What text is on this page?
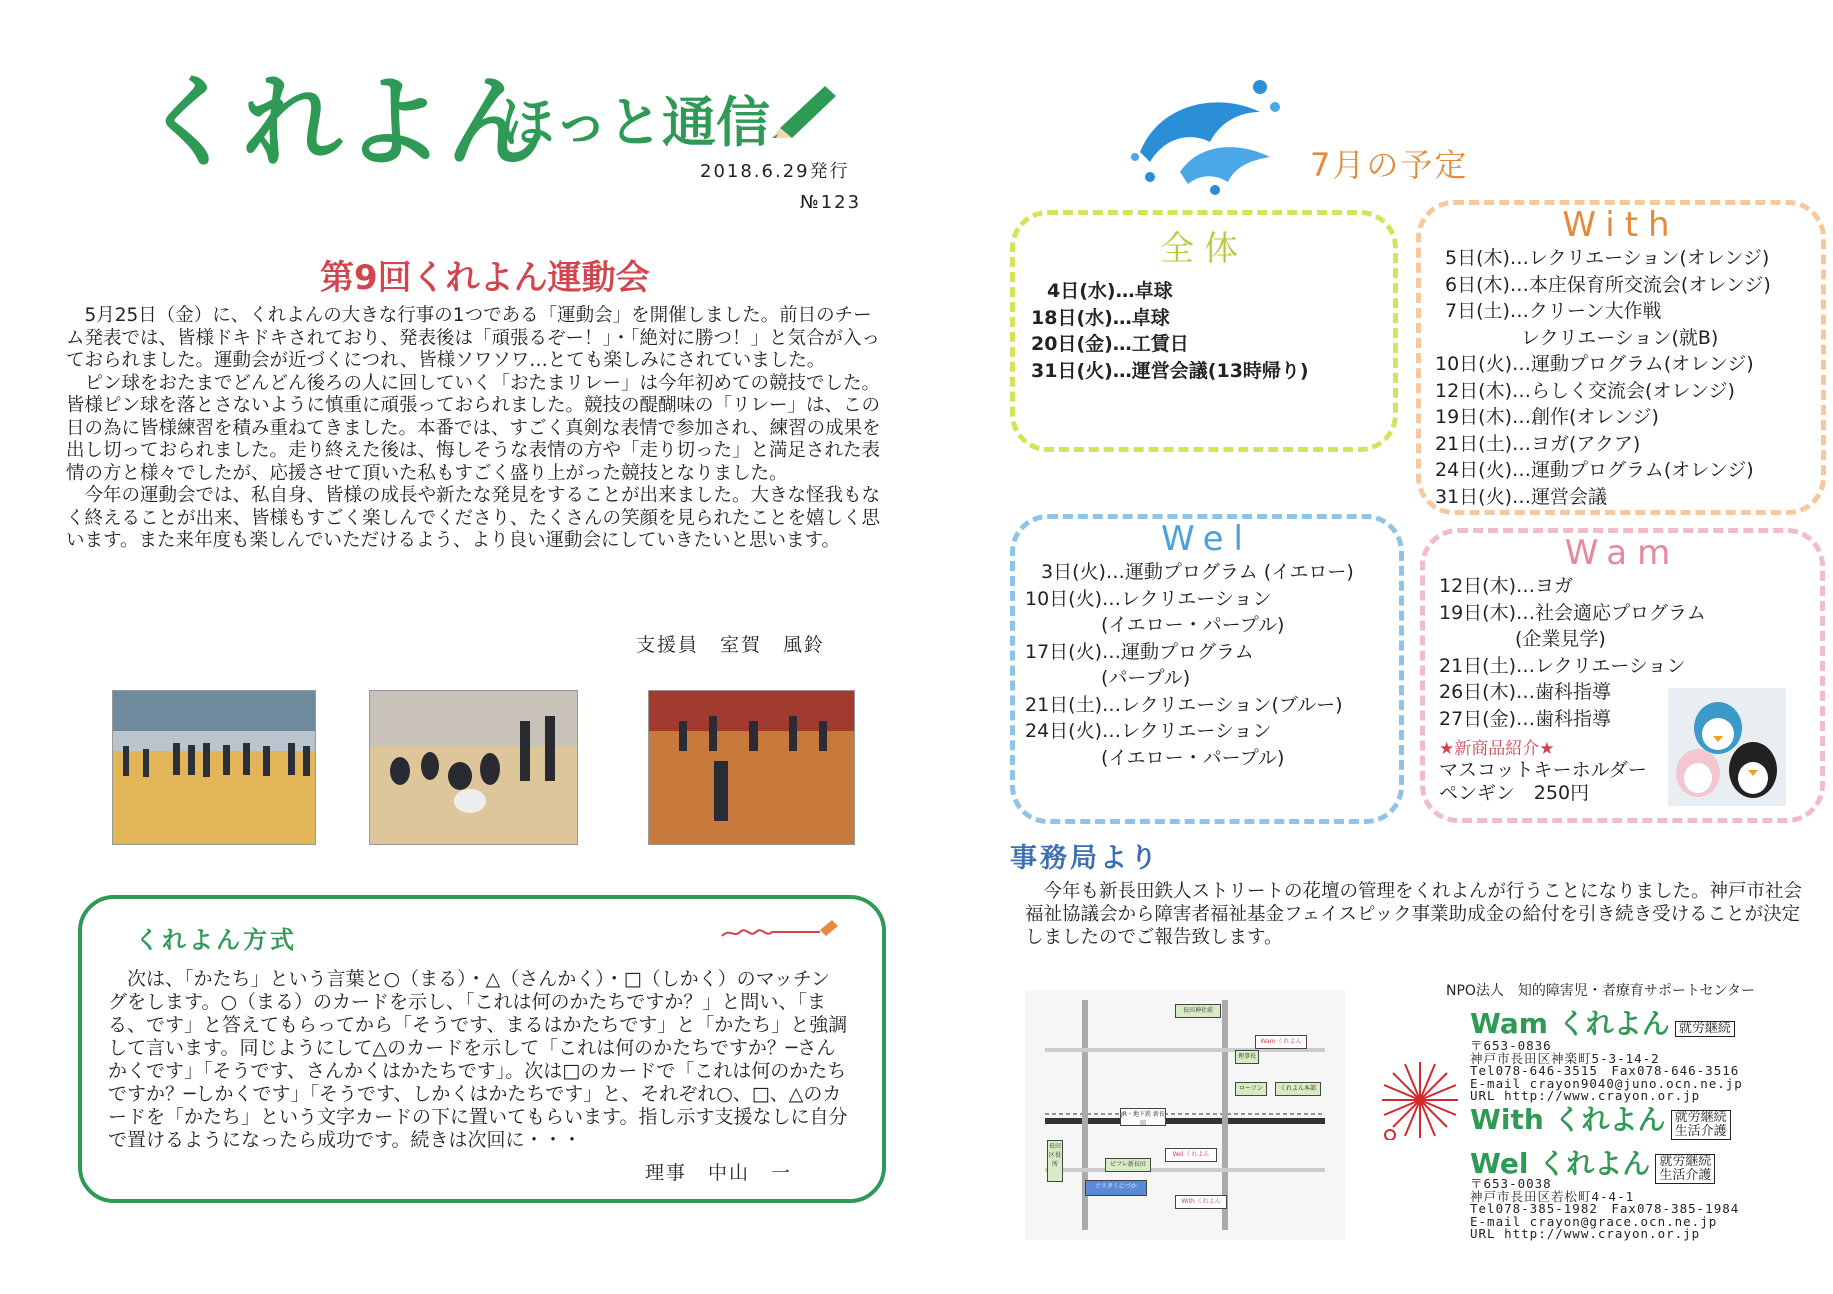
くれよん
ほっと通信
2018.6.29発行
№123
第9回くれよん運動会

5月25日（金）に、くれよんの大きな行事の1つである「運動会」を開催しました。前日のチーム発表では、皆様ドキドキされており、発表後は「頑張るぞー！」・「絶対に勝つ！」と気合が入っておられました。運動会が近づくにつれ、皆様ソワソワ…とても楽しみにされていました。

ピン球をおたまでどんどん後ろの人に回していく「おたまリレー」は今年初めての競技でした。皆様ピン球を落とさないように慎重に頑張っておられました。競技の醍醐味の「リレー」は、この日の為に皆様練習を積み重ねてきました。本番では、すごく真剣な表情で参加され、練習の成果を出し切っておられました。走り終えた後は、悔しそうな表情の方や「走り切った」と満足された表情の方と様々でしたが、応援させて頂いた私もすごく盛り上がった競技となりました。

今年の運動会では、私自身、皆様の成長や新たな発見をすることが出来ました。大きな怪我もなく終えることが出来、皆様もすごく楽しんでくださり、たくさんの笑顔を見られたことを嬉しく思います。また来年度も楽しんでいただけるよう、より良い運動会にしていきたいと思います。

支援員　室賀　風鈴
くれよん方式
次は、「かたち」という言葉と○（まる）・△（さんかく）・□（しかく）のマッチングをします。○（まる）のカードを示し、「これは何のかたちですか？」と問い、「まる、です」と答えてもらってから「そうです、まるはかたちです」と「かたち」と強調して言います。同じようにして△のカードを示して「これは何のかたちですか？─さんかくです」「そうです、さんかくはかたちです」。次は□のカードで「これは何のかたちですか？─しかくです」「そうです、しかくはかたちです」と、それぞれ○、□、△のカードを「かたち」という文字カードの下に置いてもらいます。指し示す支援なしに自分で置けるようになったら成功です。続きは次回に・・・
理事　中山　一
7月の予定
全体
4日(水)…卓球
18日(水)…卓球
20日(金)…工賃日
31日(火)…運営会議(13時帰り)
With
5日(木)…レクリエーション(オレンジ)
6日(木)…本庄保育所交流会(オレンジ)
7日(土)…クリーン大作戦
　　　　レクリエーション(就B)
10日(火)…運動プログラム(オレンジ)
12日(木)…らしく交流会(オレンジ)
19日(木)…創作(オレンジ)
21日(土)…ヨガ(アクア)
24日(火)…運動プログラム(オレンジ)
31日(火)…運営会議
Wel
3日(火)…運動プログラム (イエロー)
10日(火)…レクリエーション
　　　　(イエロー・パープル)
17日(火)…運動プログラム
　　　　(パープル)
21日(土)…レクリエーション(ブルー)
24日(火)…レクリエーション
　　　　(イエロー・パープル)
Wam
12日(木)…ヨガ
19日(木)…社会適応プログラム
　　　　(企業見学)
21日(土)…レクリエーション
26日(木)…歯科指導
27日(金)…歯科指導
★新商品紹介★
マスコットキーホルダー
ペンギン　250円
事務局より

今年も新長田鉄人ストリートの花壇の管理をくれよんが行うことになりました。神戸市社会福祉協議会から障害者福祉基金フェイスピック事業助成金の給付を引き続き受けることが決定しましたのでご報告致します。

長田神社前
理事長
くれよん本部
ローソン
JR・地下鉄 新長田
ピフレ新長田
アスタくにづか
With くれよん
Wel くれよん
Wam くれよん
長田区役所
NPO法人　知的障害児・者療育サポートセンター
Wam くれよん 就労継続
〒653-0836
神戸市長田区神楽町5-3-14-2
Tel078-646-3515　Fax078-646-3516
E-mail crayon9040@juno.ocn.ne.jp
URL http://www.crayon.or.jp
With くれよん 就労継続
生活介護
Wel くれよん 就労継続
生活介護
〒653-0038
神戸市長田区若松町4-4-1
Tel078-385-1982　Fax078-385-1984
E-mail crayon@grace.ocn.ne.jp
URL http://www.crayon.or.jp
